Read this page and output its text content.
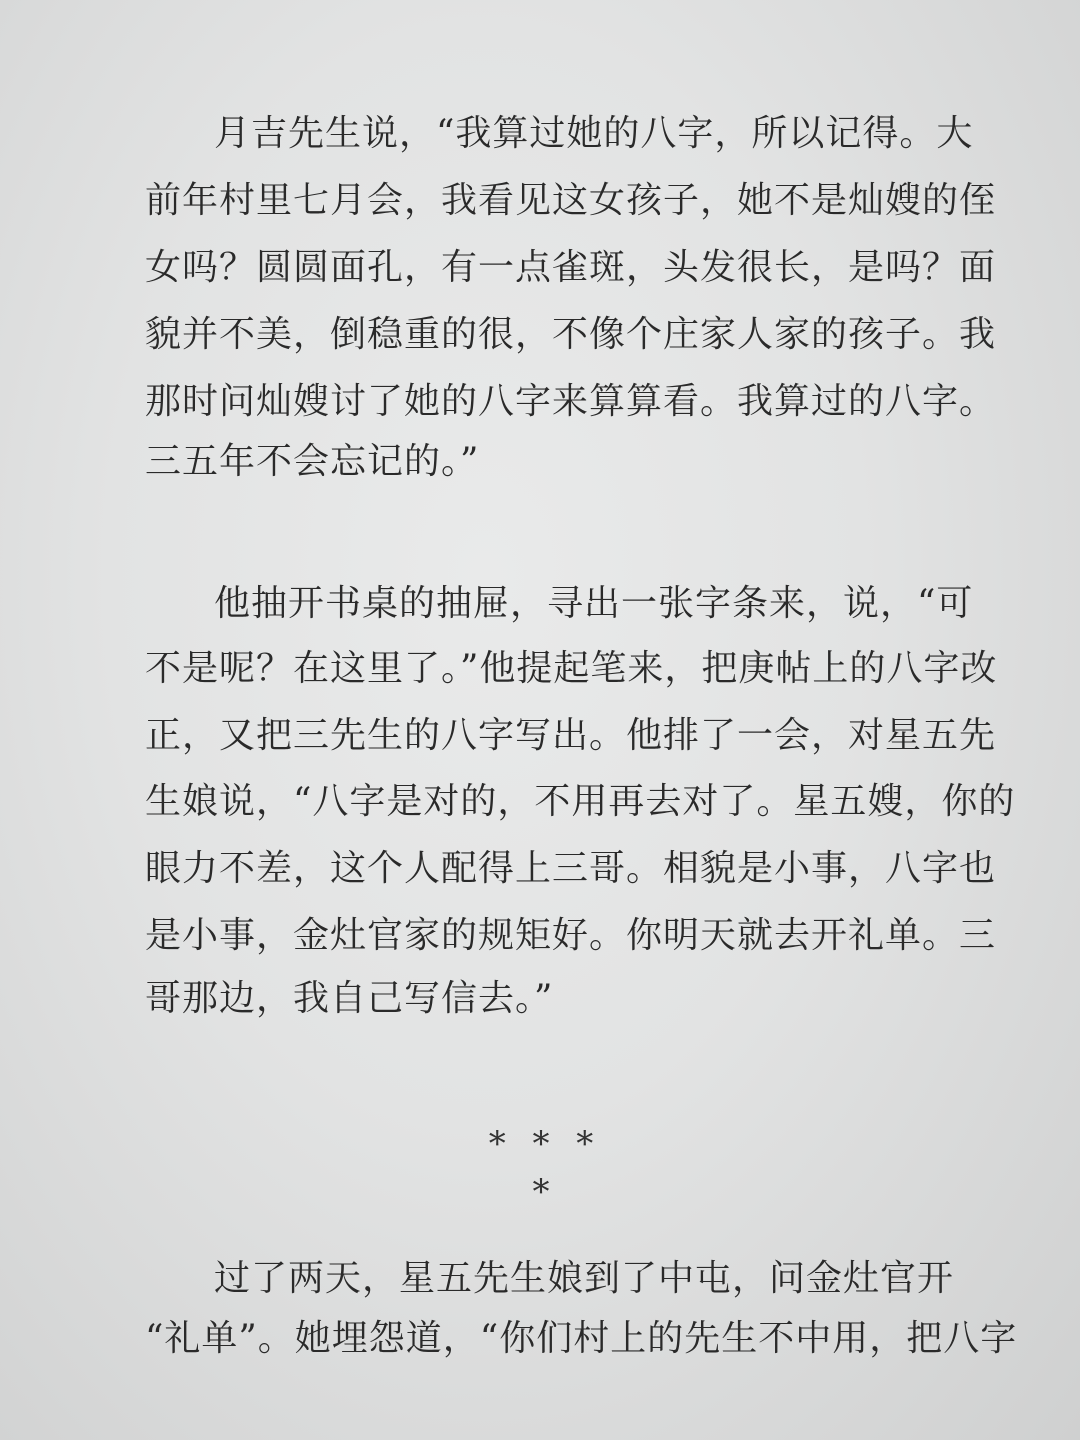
月吉先生说，“我算过她的八字，所以记得。大
前年村里七月会，我看见这女孩子，她不是灿嫂的侄
女吗？圆圆面孔，有一点雀斑，头发很长，是吗？面
貌并不美，倒稳重的很，不像个庄家人家的孩子。我
那时问灿嫂讨了她的八字来算算看。我算过的八字。
三五年不会忘记的。”
他抽开书桌的抽屉，寻出一张字条来，说，“可
不是呢？在这里了。”他提起笔来，把庚帖上的八字改
正，又把三先生的八字写出。他排了一会，对星五先
生娘说，“八字是对的，不用再去对了。星五嫂，你的
眼力不差，这个人配得上三哥。相貌是小事，八字也
是小事，金灶官家的规矩好。你明天就去开礼单。三
哥那边，我自己写信去。”
* * * *
过了两天，星五先生娘到了中屯，问金灶官开
“礼单”。她埋怨道，“你们村上的先生不中用，把八字
